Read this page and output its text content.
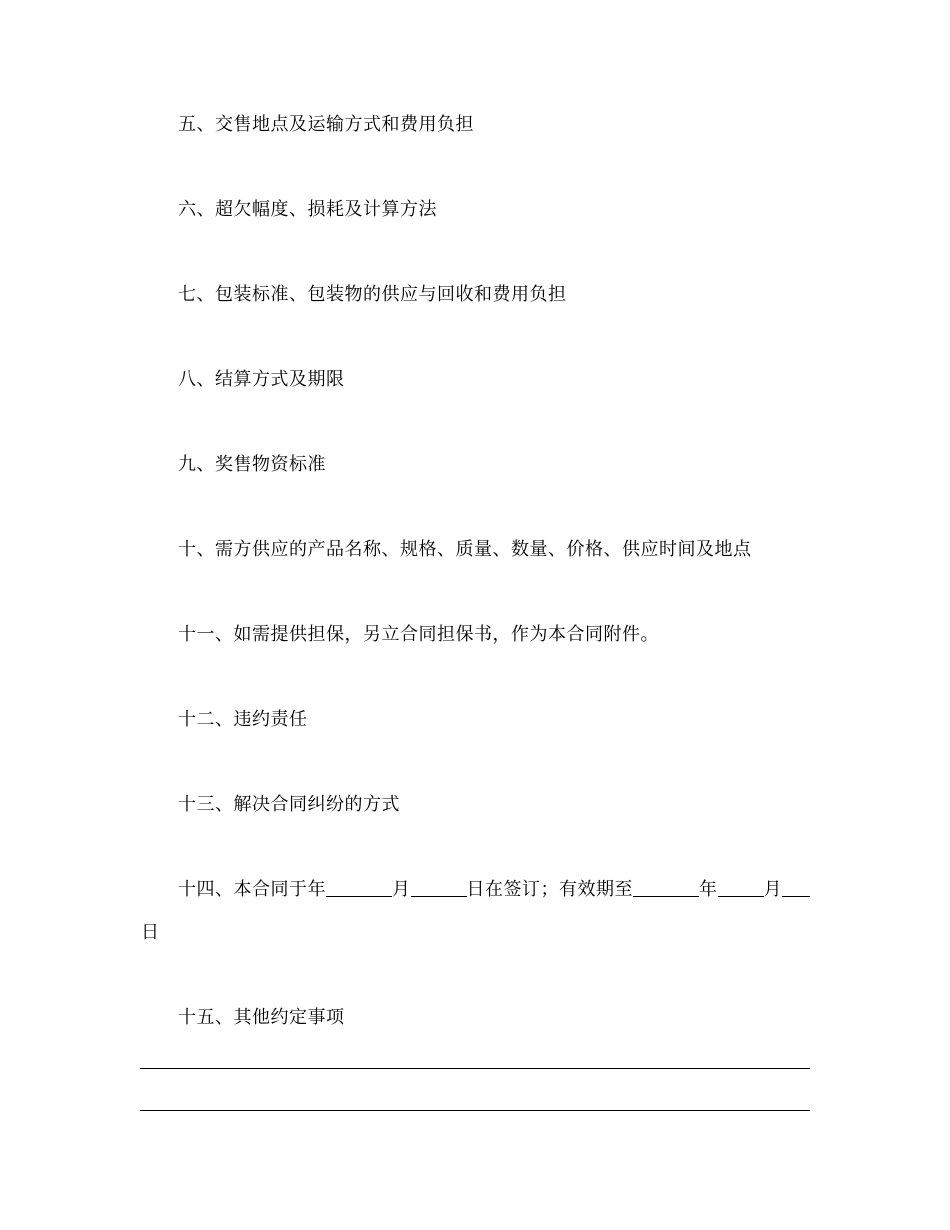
五、交售地点及运输方式和费用负担
六、超欠幅度、损耗及计算方法
七、包装标准、包装物的供应与回收和费用负担
八、结算方式及期限
九、奖售物资标准
十、需方供应的产品名称、规格、质量、数量、价格、供应时间及地点
十一、如需提供担保，另立合同担保书，作为本合同附件。
十二、违约责任
十三、解决合同纠纷的方式
十四、本合同于年	月	日在签订；有效期至	年	月
日
十五、其他约定事项
